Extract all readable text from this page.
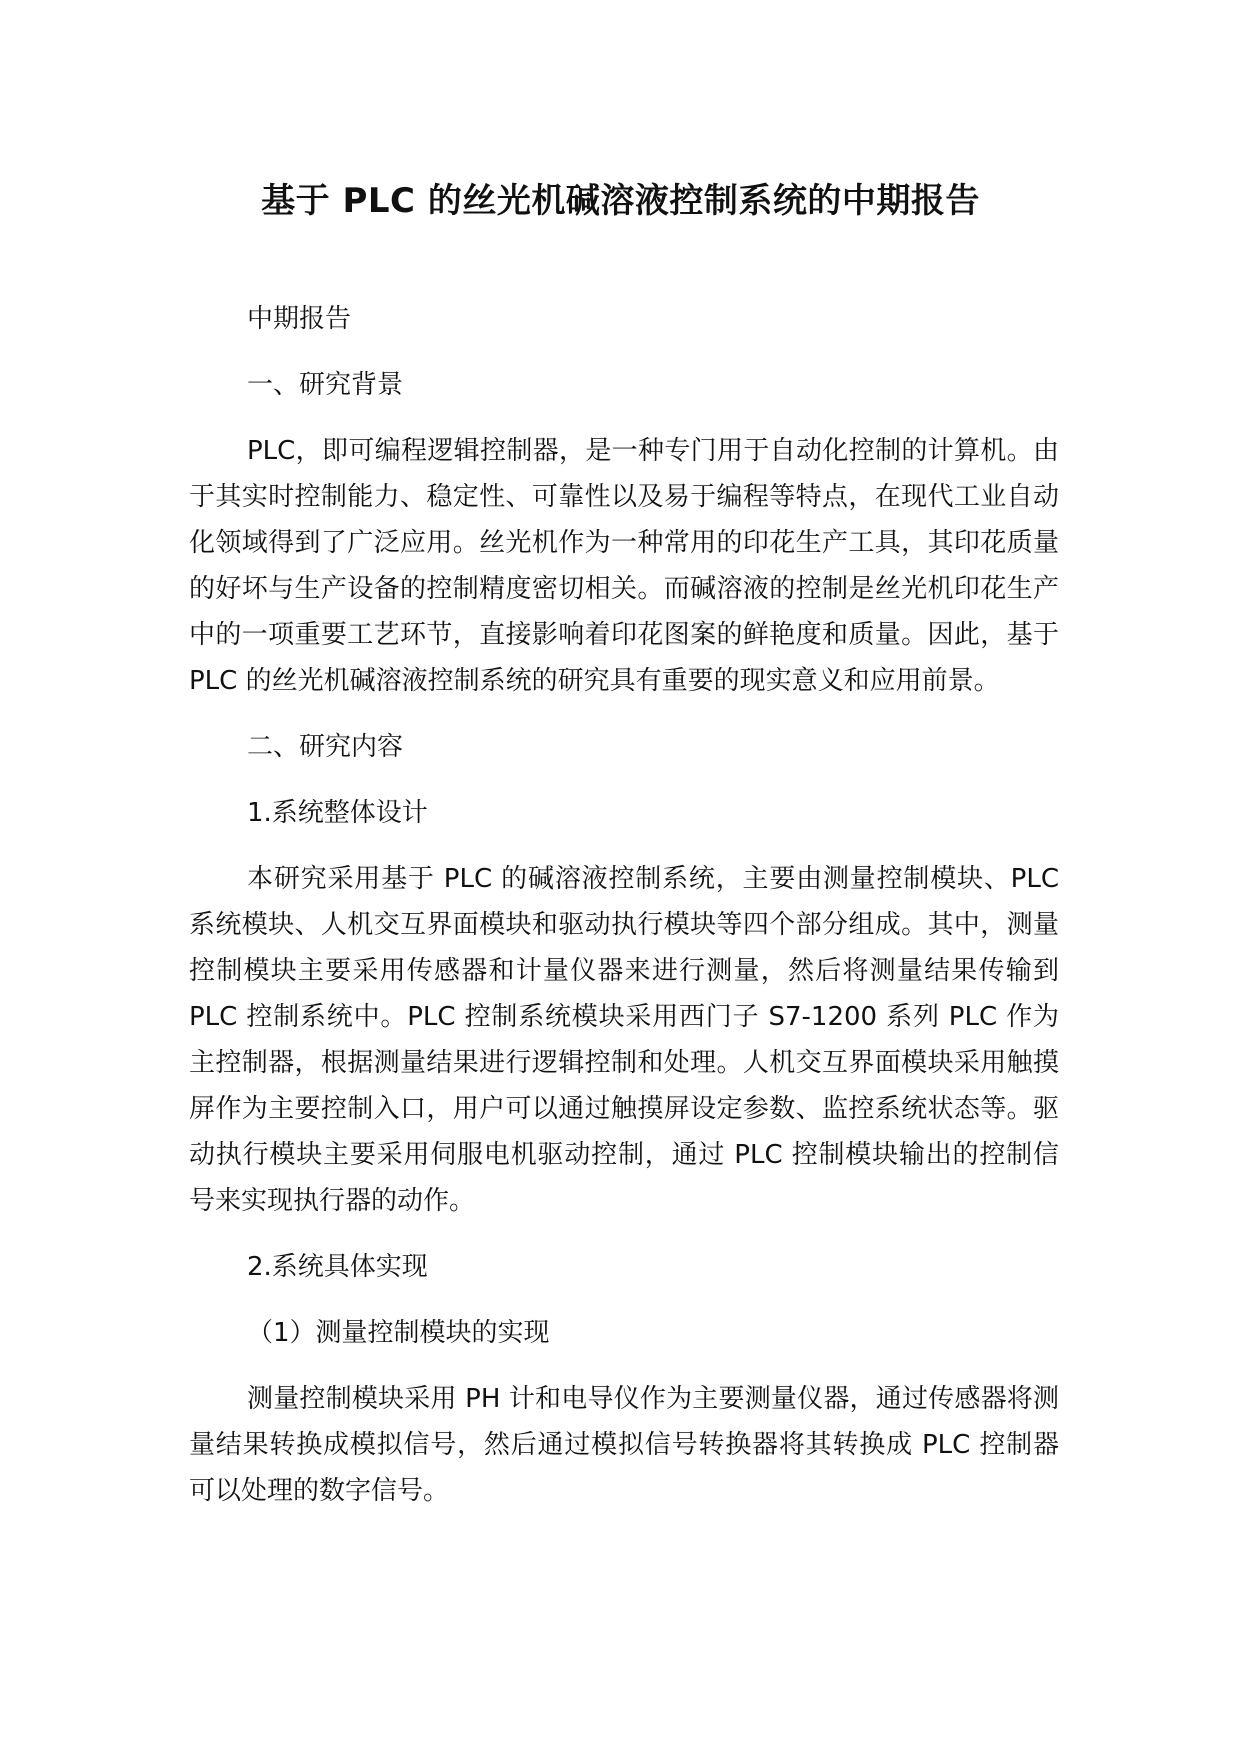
基于 PLC 的丝光机碱溶液控制系统的中期报告
中期报告
一、研究背景

PLC，即可编程逻辑控制器，是一种专门用于自动化控制的计算机。由于其实时控制能力、稳定性、可靠性以及易于编程等特点，在现代工业自动化领域得到了广泛应用。丝光机作为一种常用的印花生产工具，其印花质量的好坏与生产设备的控制精度密切相关。而碱溶液的控制是丝光机印花生产中的一项重要工艺环节，直接影响着印花图案的鲜艳度和质量。因此，基于 PLC 的丝光机碱溶液控制系统的研究具有重要的现实意义和应用前景。

二、研究内容
1.系统整体设计

本研究采用基于 PLC 的碱溶液控制系统，主要由测量控制模块、PLC 系统模块、人机交互界面模块和驱动执行模块等四个部分组成。其中，测量控制模块主要采用传感器和计量仪器来进行测量，然后将测量结果传输到 PLC 控制系统中。PLC 控制系统模块采用西门子 S7-1200 系列 PLC 作为主控制器，根据测量结果进行逻辑控制和处理。人机交互界面模块采用触摸屏作为主要控制入口，用户可以通过触摸屏设定参数、监控系统状态等。驱动执行模块主要采用伺服电机驱动控制，通过 PLC 控制模块输出的控制信号来实现执行器的动作。

2.系统具体实现
（1）测量控制模块的实现

测量控制模块采用 PH 计和电导仪作为主要测量仪器，通过传感器将测量结果转换成模拟信号，然后通过模拟信号转换器将其转换成 PLC 控制器可以处理的数字信号。
